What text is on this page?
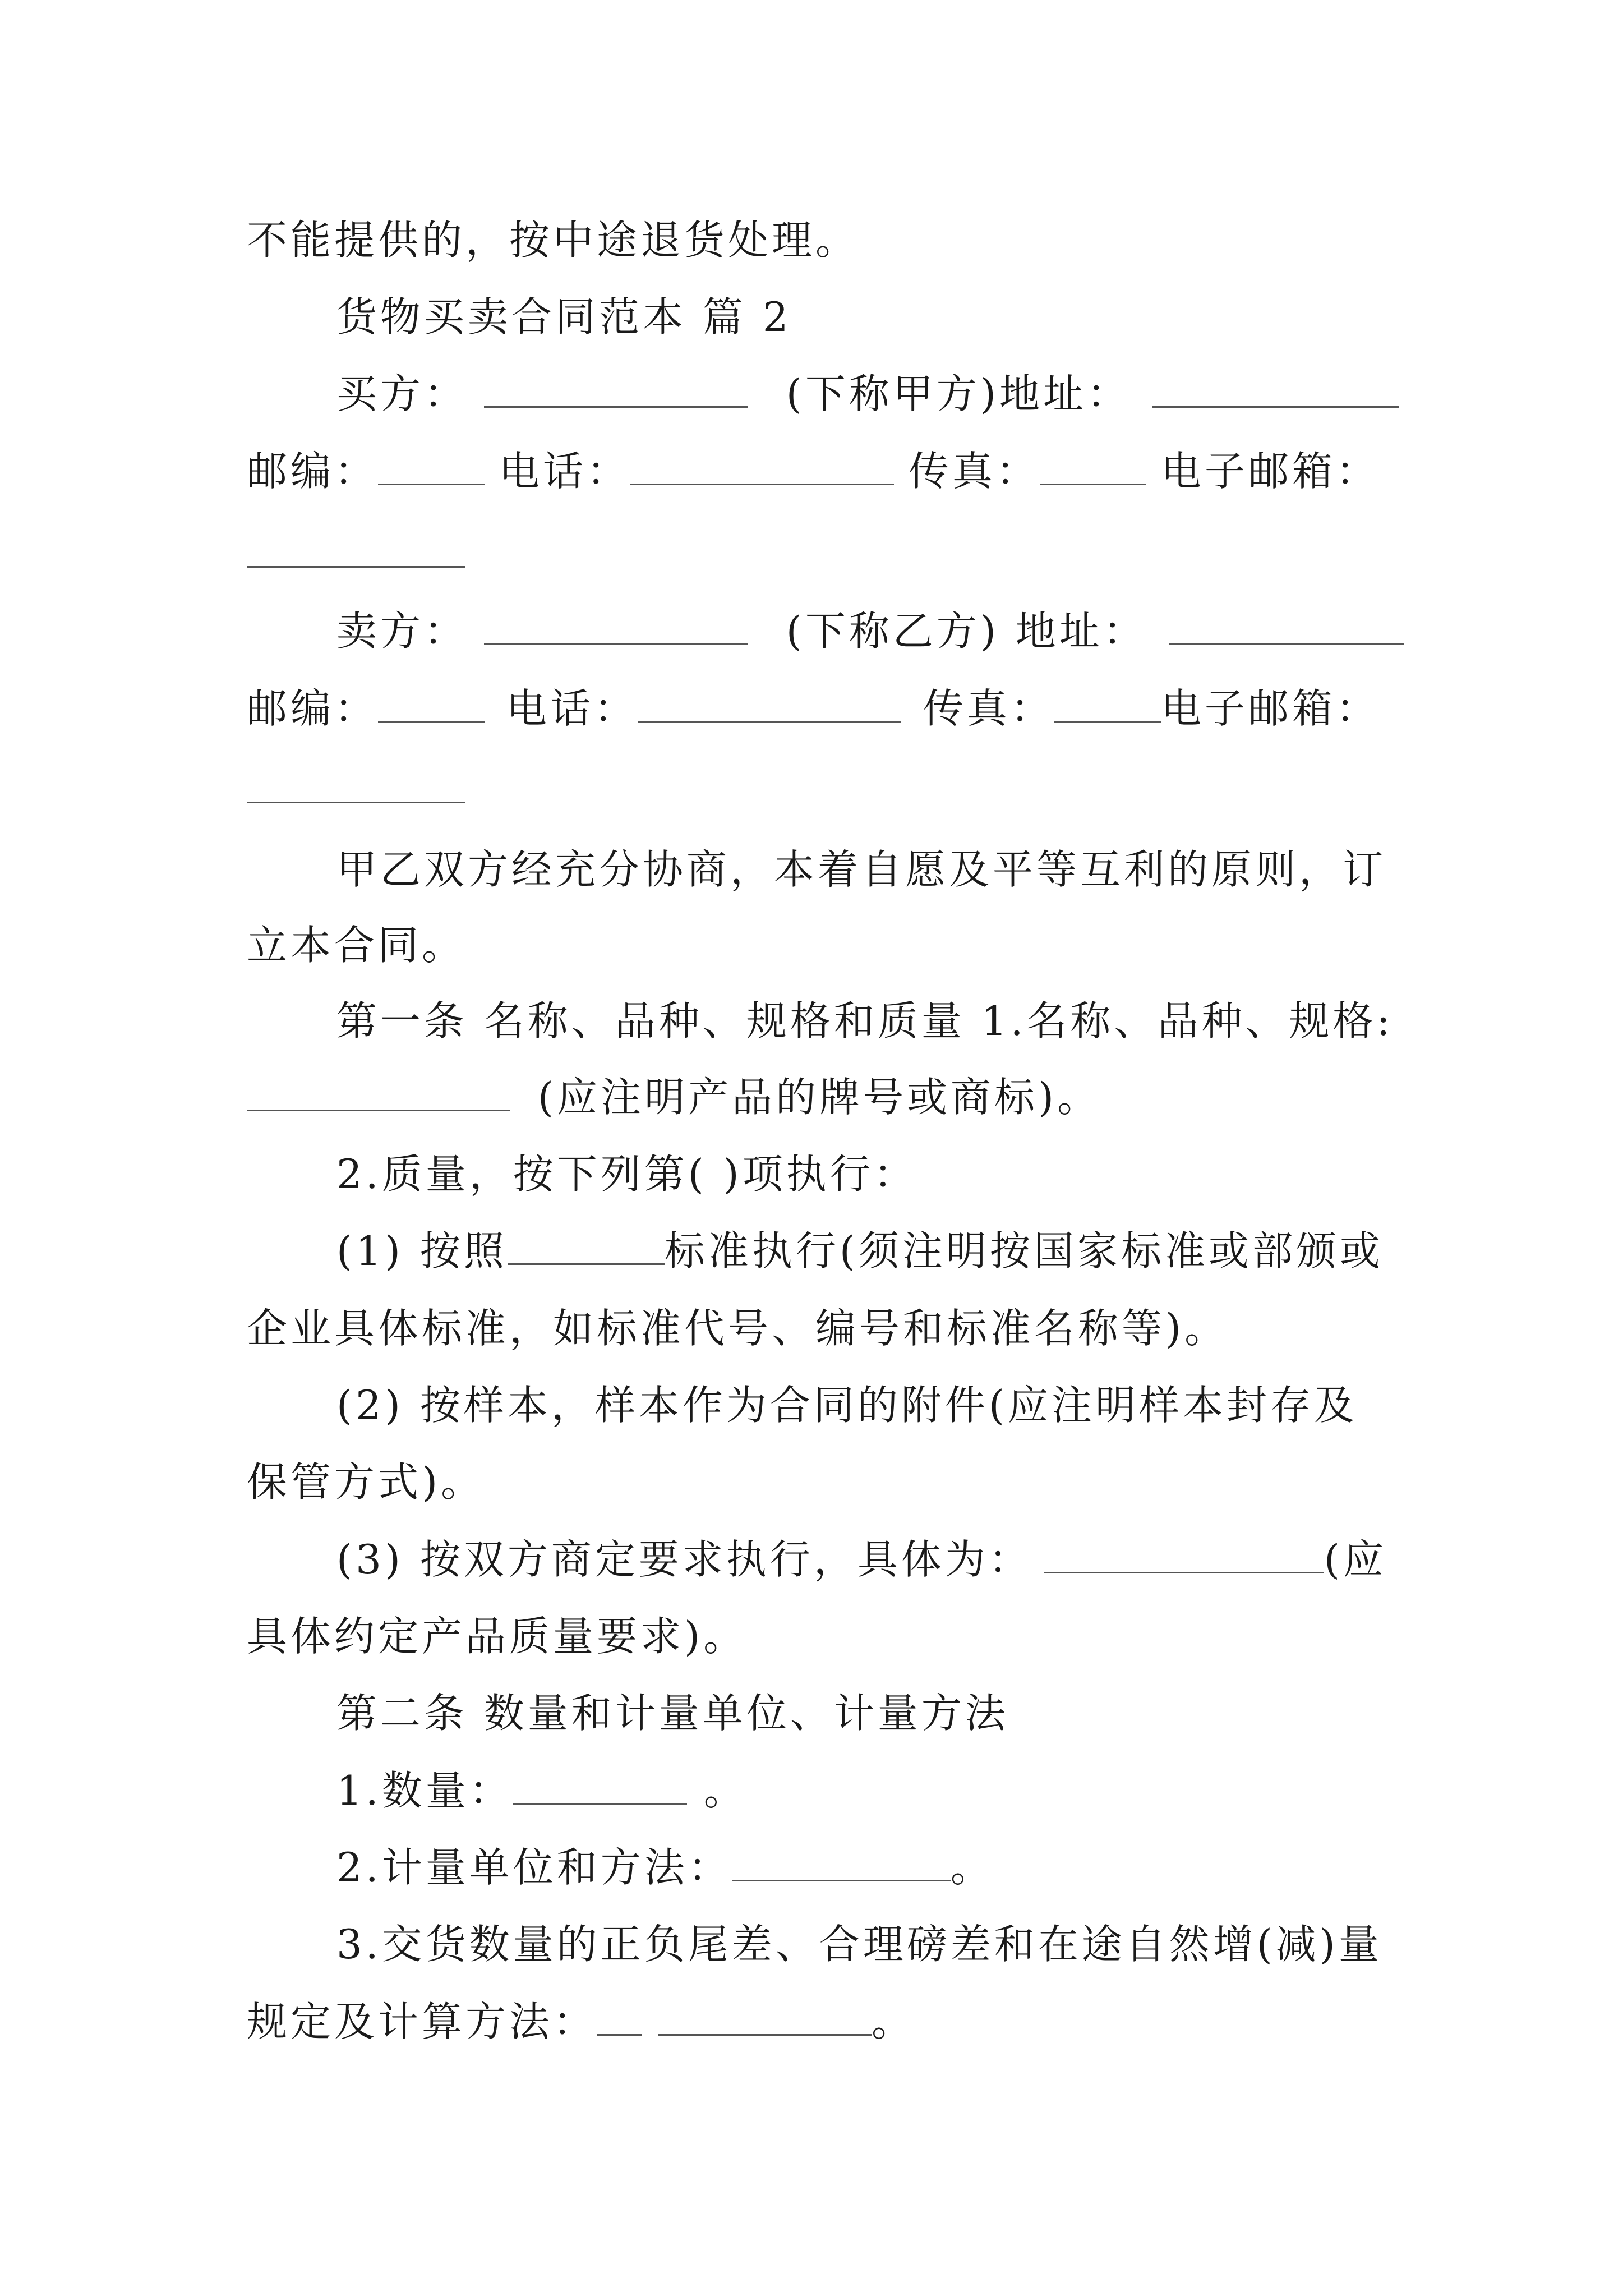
不能提供的，按中途退货处理。
货物买卖合同范本 篇 2
买方：	(下称甲方)地址：
邮编：	电话：	传真：	电子邮箱：
卖方：	(下称乙方) 地址：
邮编：	电话：	传真：	电子邮箱：
甲乙双方经充分协商，本着自愿及平等互利的原则，订
立本合同。
第一条 名称、品种、规格和质量 1.名称、品种、规格:
(应注明产品的牌号或商标)。
2.质量，按下列第( )项执行：
(1) 按照	标准执行(须注明按国家标准或部颁或
企业具体标准，如标准代号、编号和标准名称等)。
(2) 按样本，样本作为合同的附件(应注明样本封存及
保管方式)。
(3) 按双方商定要求执行，具体为：	(应
具体约定产品质量要求)。
第二条 数量和计量单位、计量方法
1.数量：	。
2.计量单位和方法：	。
3.交货数量的正负尾差、合理磅差和在途自然增(减)量
规定及计算方法：	。
